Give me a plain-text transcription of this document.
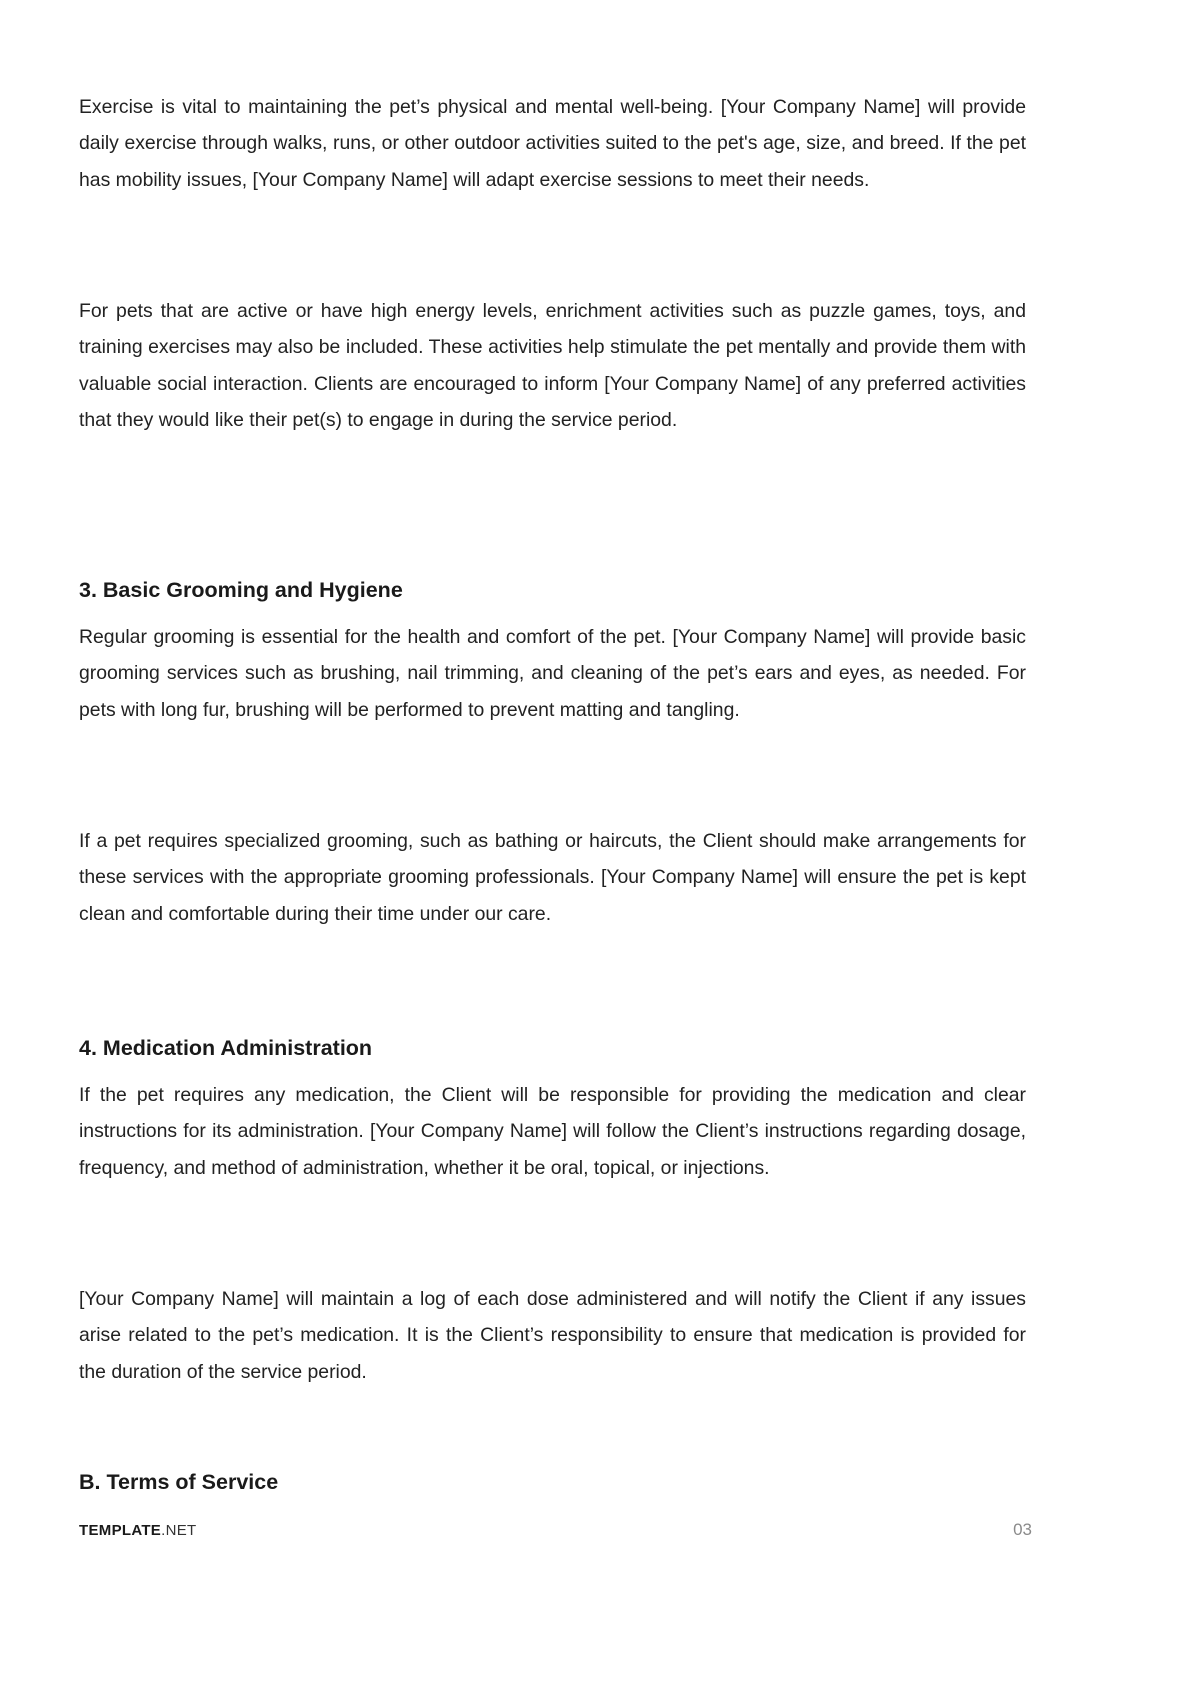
Exercise is vital to maintaining the pet’s physical and mental well-being. [Your Company Name] will provide daily exercise through walks, runs, or other outdoor activities suited to the pet's age, size, and breed. If the pet has mobility issues, [Your Company Name] will adapt exercise sessions to meet their needs.

For pets that are active or have high energy levels, enrichment activities such as puzzle games, toys, and training exercises may also be included. These activities help stimulate the pet mentally and provide them with valuable social interaction. Clients are encouraged to inform [Your Company Name] of any preferred activities that they would like their pet(s) to engage in during the service period.

3. Basic Grooming and Hygiene

Regular grooming is essential for the health and comfort of the pet. [Your Company Name] will provide basic grooming services such as brushing, nail trimming, and cleaning of the pet’s ears and eyes, as needed. For pets with long fur, brushing will be performed to prevent matting and tangling.

If a pet requires specialized grooming, such as bathing or haircuts, the Client should make arrangements for these services with the appropriate grooming professionals. [Your Company Name] will ensure the pet is kept clean and comfortable during their time under our care.

4. Medication Administration

If the pet requires any medication, the Client will be responsible for providing the medication and clear instructions for its administration. [Your Company Name] will follow the Client’s instructions regarding dosage, frequency, and method of administration, whether it be oral, topical, or injections.

[Your Company Name] will maintain a log of each dose administered and will notify the Client if any issues arise related to the pet’s medication. It is the Client’s responsibility to ensure that medication is provided for the duration of the service period.

B. Terms of Service
TEMPLATE.NET	03
